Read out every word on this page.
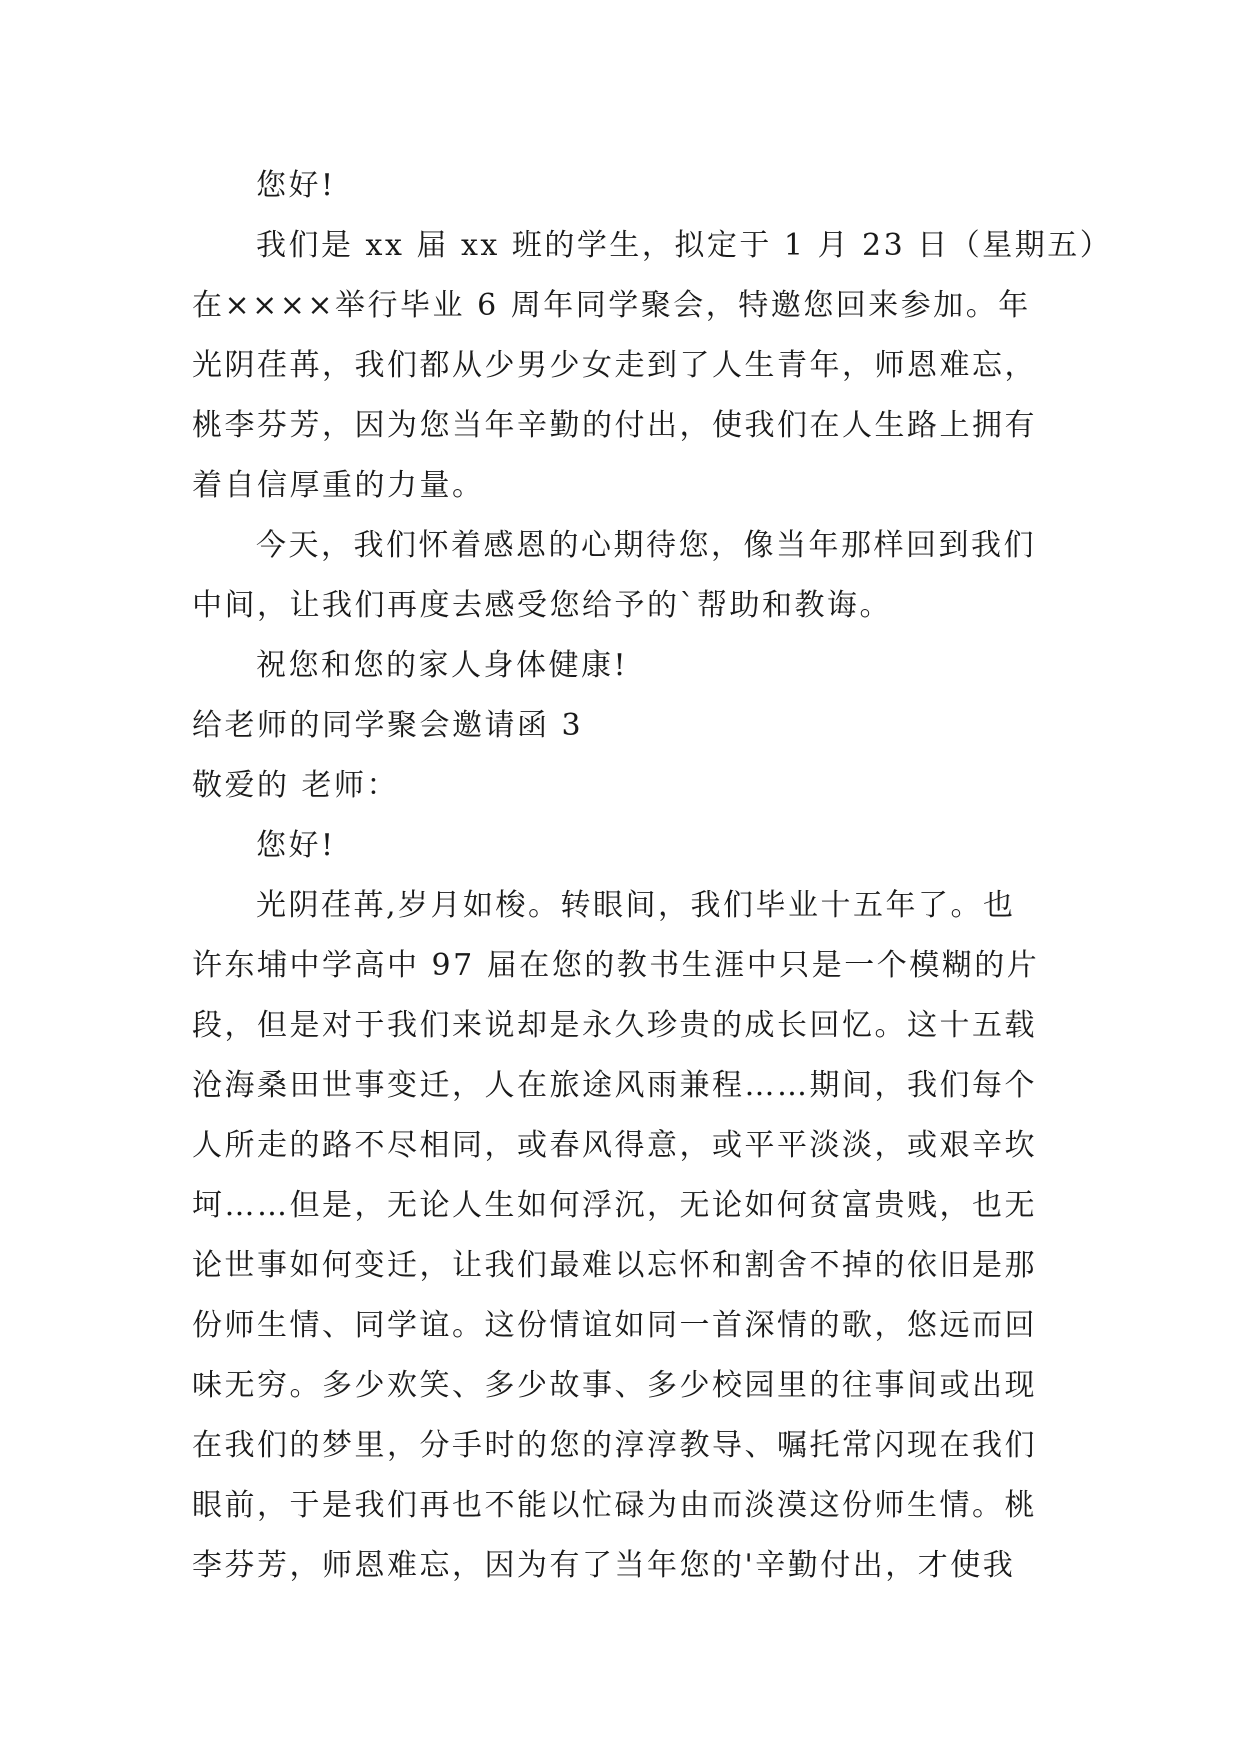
您好!
我们是 xx 届 xx 班的学生，拟定于 1 月 23 日（星期五）
在××××举行毕业 6 周年同学聚会，特邀您回来参加。年
光阴荏苒，我们都从少男少女走到了人生青年，师恩难忘，
桃李芬芳，因为您当年辛勤的付出，使我们在人生路上拥有
着自信厚重的力量。
今天，我们怀着感恩的心期待您，像当年那样回到我们
中间，让我们再度去感受您给予的`帮助和教诲。
祝您和您的家人身体健康!
给老师的同学聚会邀请函 3
敬爱的 老师：
您好!
光阴荏苒,岁月如梭。转眼间，我们毕业十五年了。也
许东埔中学高中 97 届在您的教书生涯中只是一个模糊的片
段，但是对于我们来说却是永久珍贵的成长回忆。这十五载
沧海桑田世事变迁，人在旅途风雨兼程……期间，我们每个
人所走的路不尽相同，或春风得意，或平平淡淡，或艰辛坎
坷……但是，无论人生如何浮沉，无论如何贫富贵贱，也无
论世事如何变迁，让我们最难以忘怀和割舍不掉的依旧是那
份师生情、同学谊。这份情谊如同一首深情的歌，悠远而回
味无穷。多少欢笑、多少故事、多少校园里的往事间或出现
在我们的梦里，分手时的您的淳淳教导、嘱托常闪现在我们
眼前，于是我们再也不能以忙碌为由而淡漠这份师生情。桃
李芬芳，师恩难忘，因为有了当年您的'辛勤付出，才使我
